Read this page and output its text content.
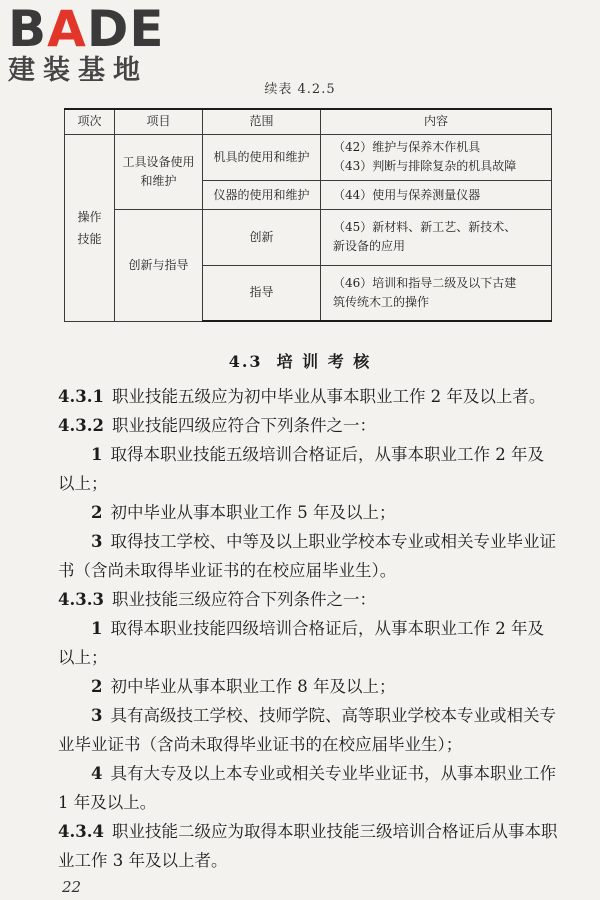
BADE
建装基地
续表 4.2.5
项次	项目	范围	内容

操作技能	工具设备使用和维护	机具的使用和维护	（42）维护与保养木作机具
（43）判断与排除复杂的机具故障

		仪器的使用和维护	（44）使用与保养测量仪器

	创新与指导	创新	（45）新材料、新工艺、新技术、
新设备的应用

		指导	（46）培训和指导二级及以下古建
筑传统木工的操作
4.3 培 训 考 核

4.3.1 职业技能五级应为初中毕业从事本职业工作 2 年及以上者。

4.3.2 职业技能四级应符合下列条件之一：

1 取得本职业技能五级培训合格证后，从事本职业工作 2 年及以上；

2 初中毕业从事本职业工作 5 年及以上；

3 取得技工学校、中等及以上职业学校本专业或相关专业毕业证书（含尚未取得毕业证书的在校应届毕业生）。

4.3.3 职业技能三级应符合下列条件之一：

1 取得本职业技能四级培训合格证后，从事本职业工作 2 年及以上；

2 初中毕业从事本职业工作 8 年及以上；

3 具有高级技工学校、技师学院、高等职业学校本专业或相关专业毕业证书（含尚未取得毕业证书的在校应届毕业生）；

4 具有大专及以上本专业或相关专业毕业证书，从事本职业工作 1 年及以上。

4.3.4 职业技能二级应为取得本职业技能三级培训合格证后从事本职业工作 3 年及以上者。

22
